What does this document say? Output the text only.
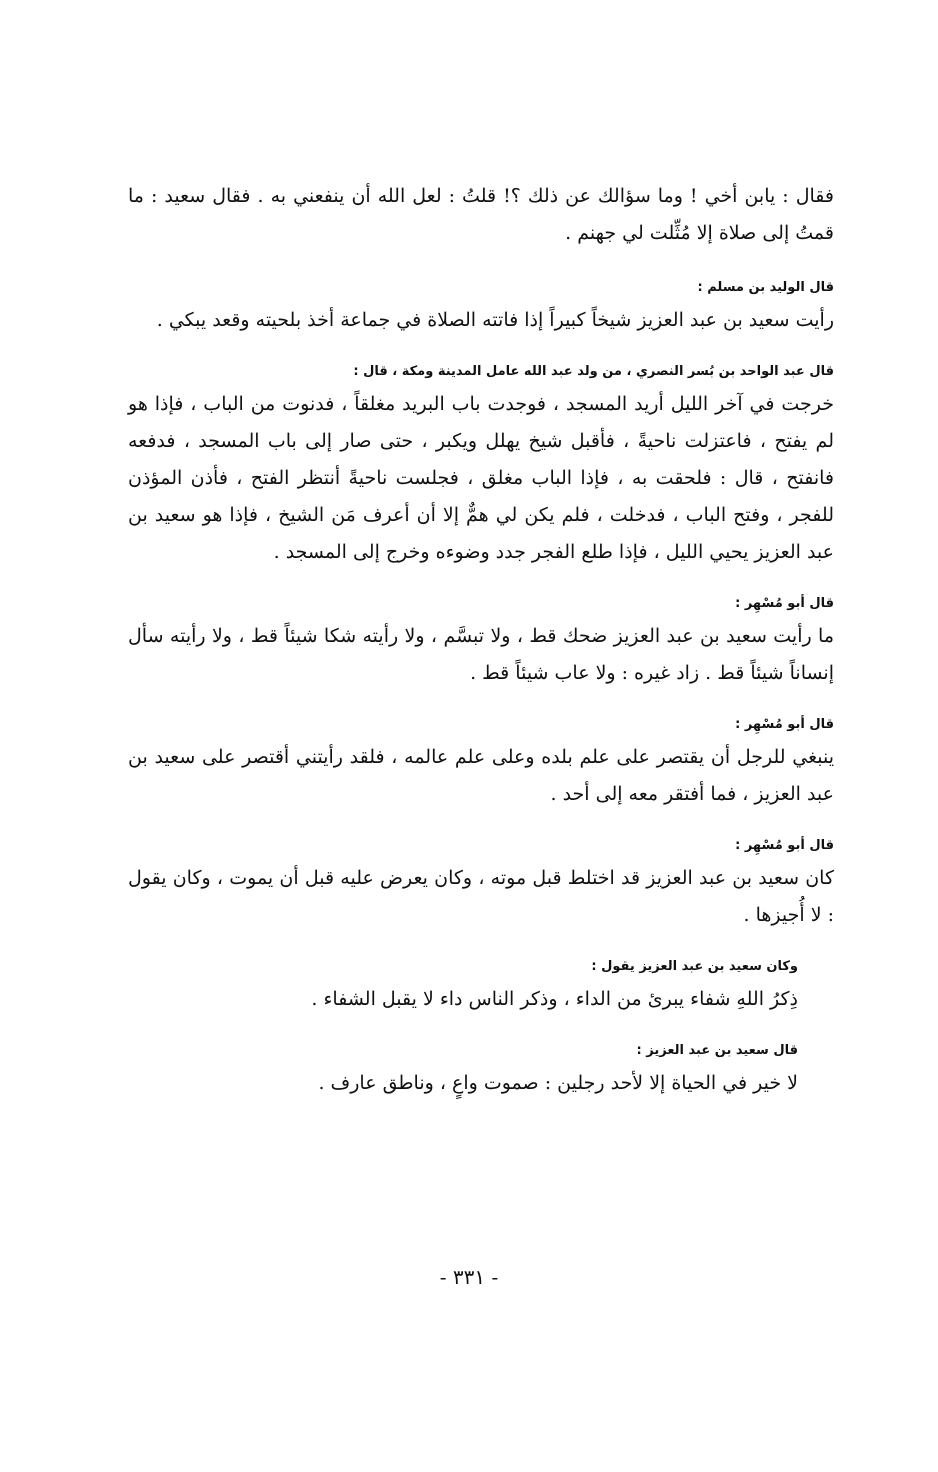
فقال : يابن أخي ! وما سؤالك عن ذلك ؟! قلتُ : لعل الله أن ينفعني به . فقال سعيد : ما قمتُ إلى صلاة إلا مُثِّلت لي جهنم .

قال الوليد بن مسلم :

رأيت سعيد بن عبد العزيز شيخاً كبيراً إذا فاتته الصلاة في جماعة أخذ بلحيته وقعد يبكي .

قال عبد الواحد بن بُسر النصري ، من ولد عبد الله عامل المدينة ومكة ، قال :

خرجت في آخر الليل أريد المسجد ، فوجدت باب البريد مغلقاً ، فدنوت من الباب ، فإذا هو لم يفتح ، فاعتزلت ناحيةً ، فأقبل شيخ يهلل ويكبر ، حتى صار إلى باب المسجد ، فدفعه فانفتح ، قال : فلحقت به ، فإذا الباب مغلق ، فجلست ناحيةً أنتظر الفتح ، فأذن المؤذن للفجر ، وفتح الباب ، فدخلت ، فلم يكن لي همٌّ إلا أن أعرف مَن الشيخ ، فإذا هو سعيد بن عبد العزيز يحيي الليل ، فإذا طلع الفجر جدد وضوءه وخرج إلى المسجد .

قال أبو مُسْهِر :

ما رأيت سعيد بن عبد العزيز ضحك قط ، ولا تبسَّم ، ولا رأيته شكا شيئاً قط ، ولا رأيته سأل إنساناً شيئاً قط . زاد غيره : ولا عاب شيئاً قط .

قال أبو مُسْهِر :

ينبغي للرجل أن يقتصر على علم بلده وعلى علم عالمه ، فلقد رأيتني أقتصر على سعيد بن عبد العزيز ، فما أفتقر معه إلى أحد .

قال أبو مُسْهِر :

كان سعيد بن عبد العزيز قد اختلط قبل موته ، وكان يعرض عليه قبل أن يموت ، وكان يقول : لا أُجيزها .

وكان سعيد بن عبد العزيز يقول :

ذِكرُ اللهِ شفاء يبرئ من الداء ، وذكر الناس داء لا يقبل الشفاء .

قال سعيد بن عبد العزيز :

لا خير في الحياة إلا لأحد رجلين : صموت واعٍ ، وناطق عارف .

- ٣٣١ -
